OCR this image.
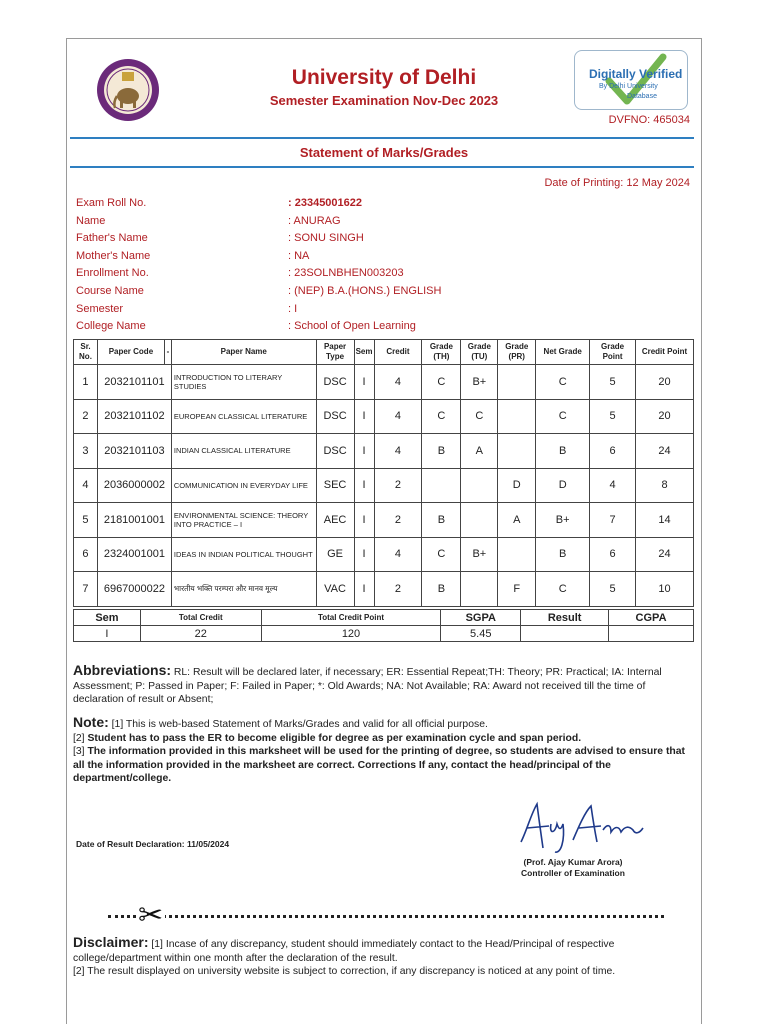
University of Delhi
Semester Examination Nov-Dec 2023
Digitally Verified
By Delhi University
Database
DVFNO: 465034
Statement of Marks/Grades
Date of Printing: 12 May 2024
Exam Roll No.	: 23345001622
Name	: ANURAG
Father's Name	: SONU SINGH
Mother's Name	: NA
Enrollment No.	: 23SOLNBHEN003203
Course Name	: (NEP) B.A.(HONS.) ENGLISH
Semester	: I
College Name	: School of Open Learning
Sr. No.	Paper Code	-	Paper Name	Paper Type	Sem	Credit	Grade (TH)	Grade (TU)	Grade (PR)	Net Grade	Grade Point	Credit Point
1	2032101101		INTRODUCTION TO LITERARY STUDIES	DSC	I	4	C	B+		C	5	20
2	2032101102		EUROPEAN CLASSICAL LITERATURE	DSC	I	4	C	C		C	5	20
3	2032101103		INDIAN CLASSICAL LITERATURE	DSC	I	4	B	A		B	6	24
4	2036000002		COMMUNICATION IN EVERYDAY LIFE	SEC	I	2			D	D	4	8
5	2181001001		ENVIRONMENTAL SCIENCE: THEORY INTO PRACTICE – I	AEC	I	2	B		A	B+	7	14
6	2324001001		IDEAS IN INDIAN POLITICAL THOUGHT	GE	I	4	C	B+		B	6	24
7	6967000022		भारतीय भक्ति परम्परा और मानव मूल्य	VAC	I	2	B		F	C	5	10
Sem	Total Credit	Total Credit Point	SGPA	Result	CGPA
I	22	120	5.45		
Abbreviations: RL: Result will be declared later, if necessary; ER: Essential Repeat;TH: Theory; PR: Practical; IA: Internal Assessment; P: Passed in Paper; F: Failed in Paper; *: Old Awards; NA: Not Available; RA: Award not received till the time of declaration of result or Absent;
Note: [1] This is web-based Statement of Marks/Grades and valid for all official purpose.
[2] Student has to pass the ER to become eligible for degree as per examination cycle and span period.
[3] The information provided in this marksheet will be used for the printing of degree, so students are advised to ensure that all the information provided in the marksheet are correct. Corrections If any, contact the head/principal of the department/college.
Date of Result Declaration: 11/05/2024
(Prof. Ajay Kumar Arora)
Controller of Examination
✂
Disclaimer: [1] Incase of any discrepancy, student should immediately contact to the Head/Principal of respective college/department within one month after the declaration of the result.
[2] The result displayed on university website is subject to correction, if any discrepancy is noticed at any point of time.
